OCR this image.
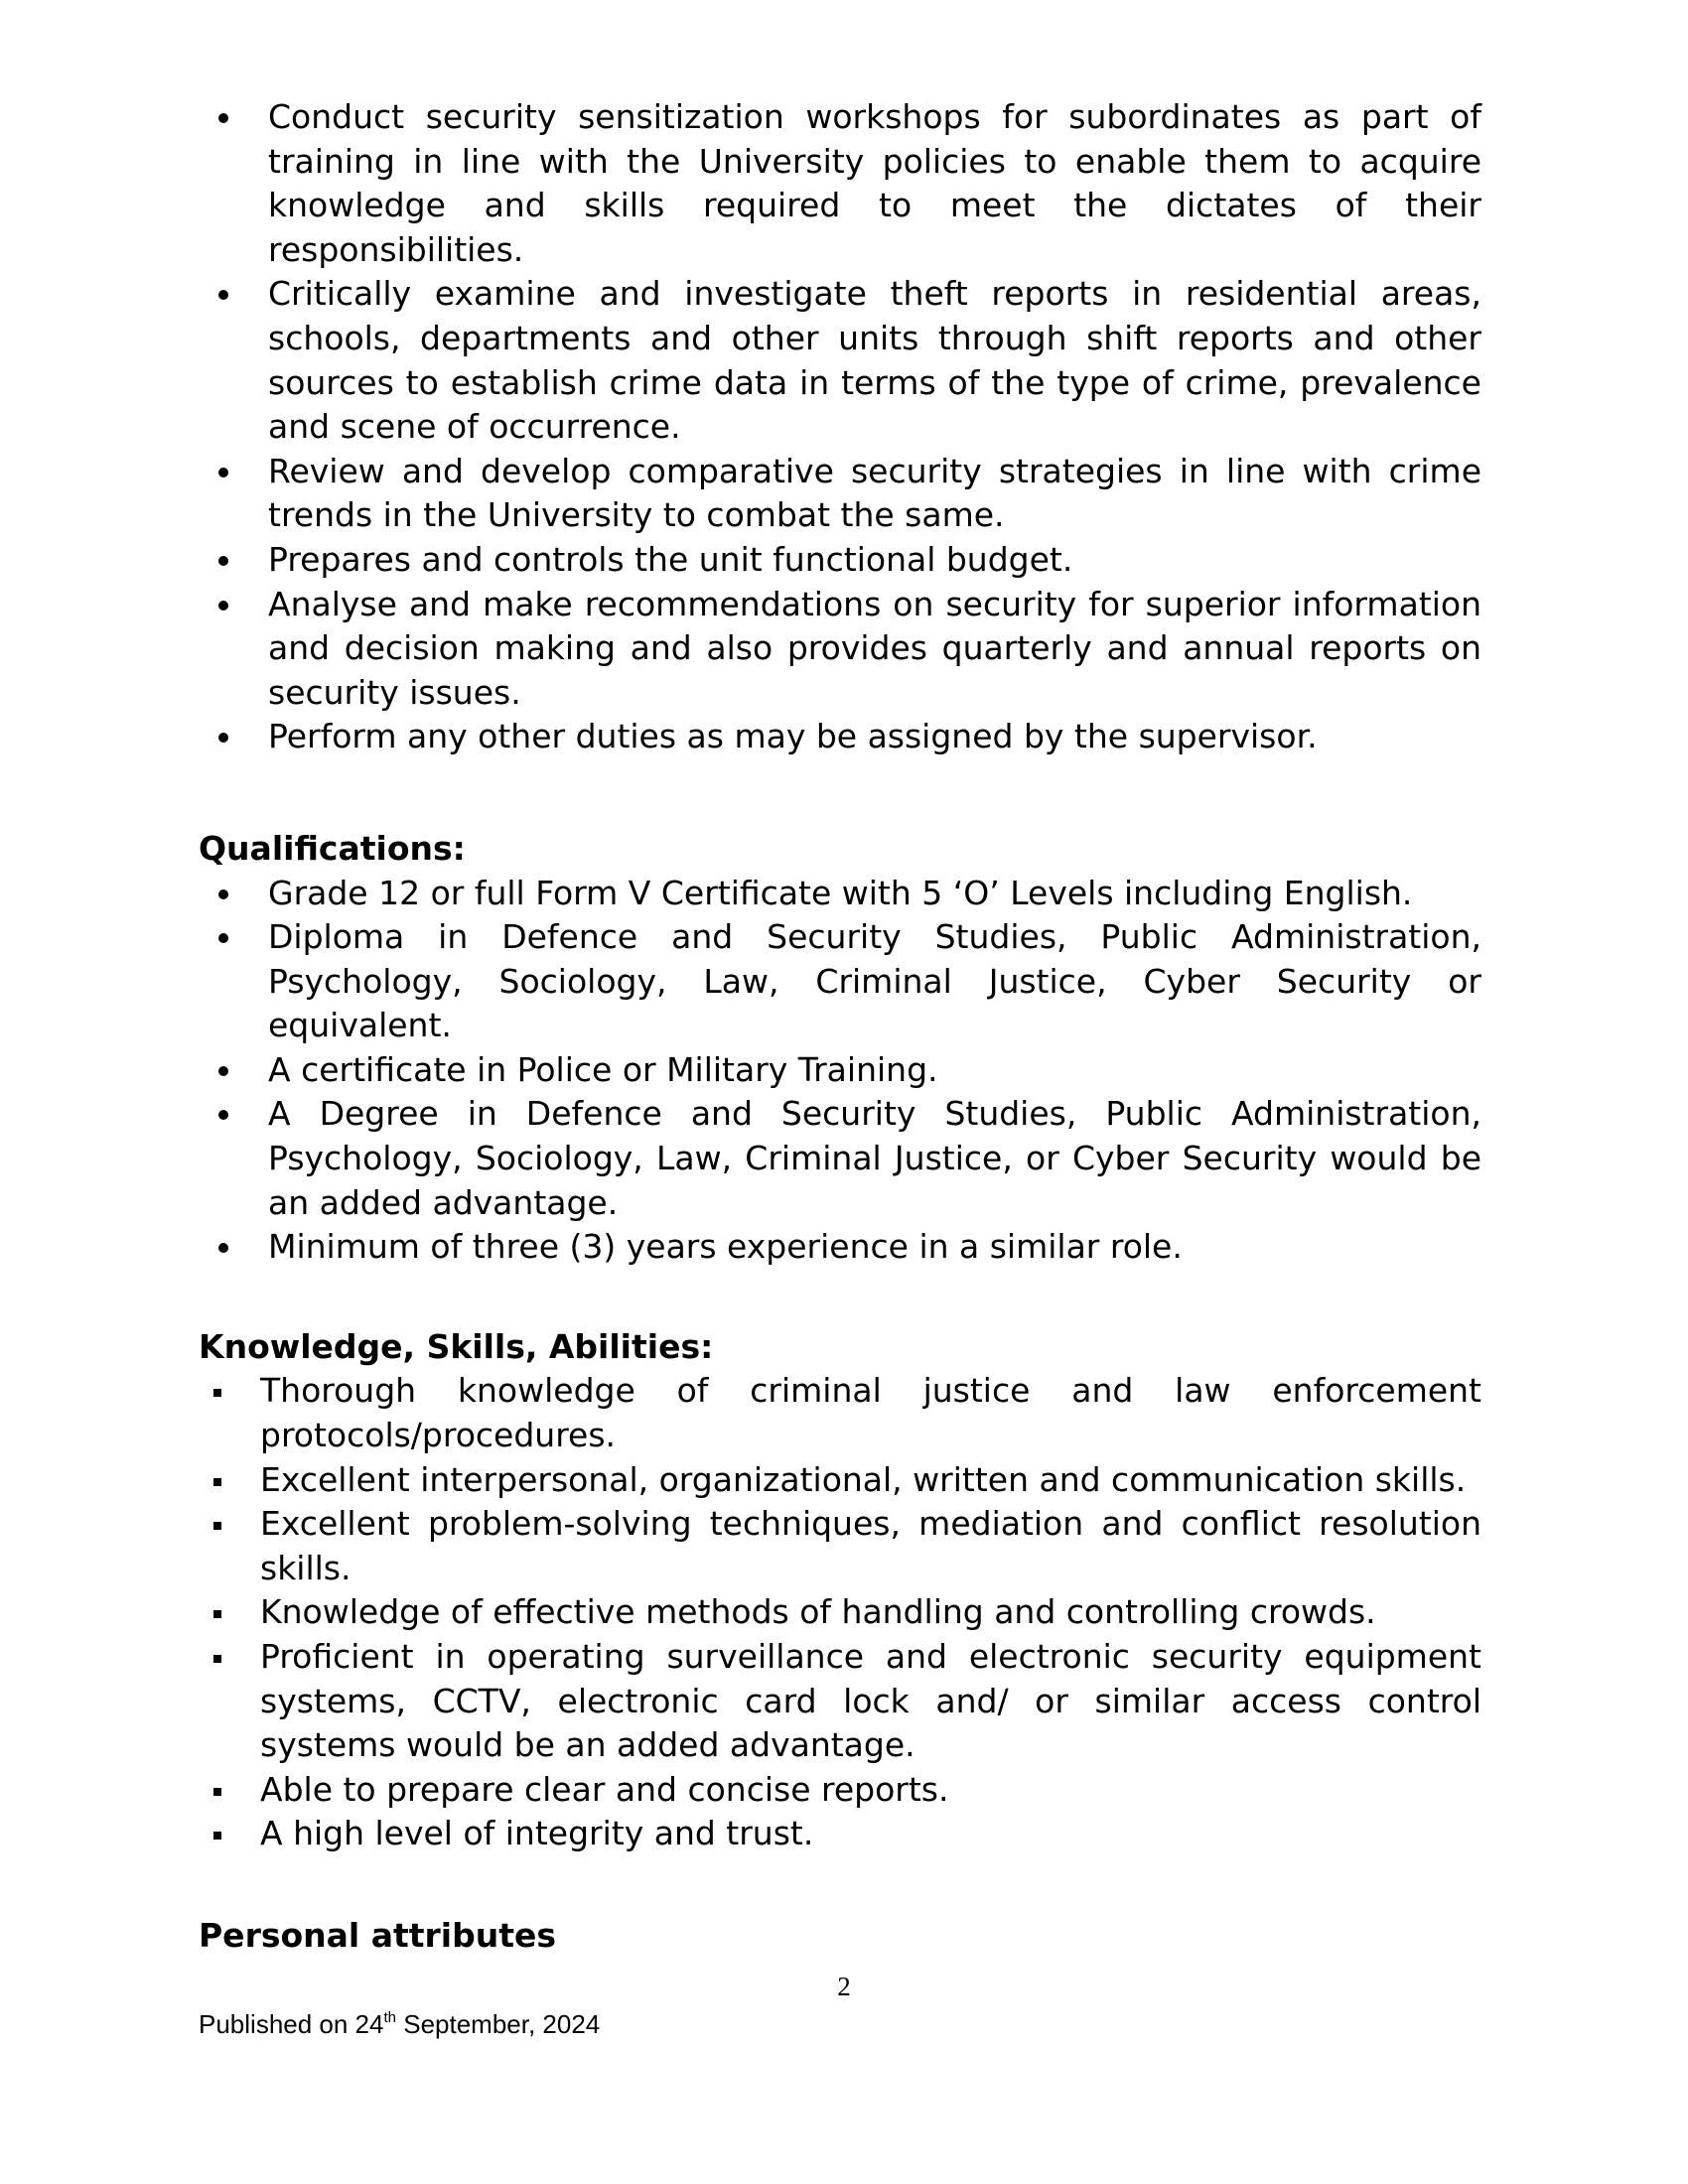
Conduct security sensitization workshops for subordinates as part of training in line with the University policies to enable them to acquire knowledge and skills required to meet the dictates of their responsibilities.
Critically examine and investigate theft reports in residential areas, schools, departments and other units through shift reports and other sources to establish crime data in terms of the type of crime, prevalence and scene of occurrence.
Review and develop comparative security strategies in line with crime trends in the University to combat the same.
Prepares and controls the unit functional budget.
Analyse and make recommendations on security for superior information and decision making and also provides quarterly and annual reports on security issues.
Perform any other duties as may be assigned by the supervisor.
Qualifications:
Grade 12 or full Form V Certificate with 5 ‘O’ Levels including English.
Diploma in Defence and Security Studies, Public Administration, Psychology, Sociology, Law, Criminal Justice, Cyber Security or equivalent.
A certificate in Police or Military Training.
A Degree in Defence and Security Studies, Public Administration, Psychology, Sociology, Law, Criminal Justice, or Cyber Security would be an added advantage.
Minimum of three (3) years experience in a similar role.
Knowledge, Skills, Abilities:
Thorough knowledge of criminal justice and law enforcement protocols/procedures.
Excellent interpersonal, organizational, written and communication skills.
Excellent problem-solving techniques, mediation and conflict resolution skills.
Knowledge of effective methods of handling and controlling crowds.
Proficient in operating surveillance and electronic security equipment systems, CCTV, electronic card lock and/ or similar access control systems would be an added advantage.
Able to prepare clear and concise reports.
A high level of integrity and trust.
Personal attributes
2
Published on 24th September, 2024
